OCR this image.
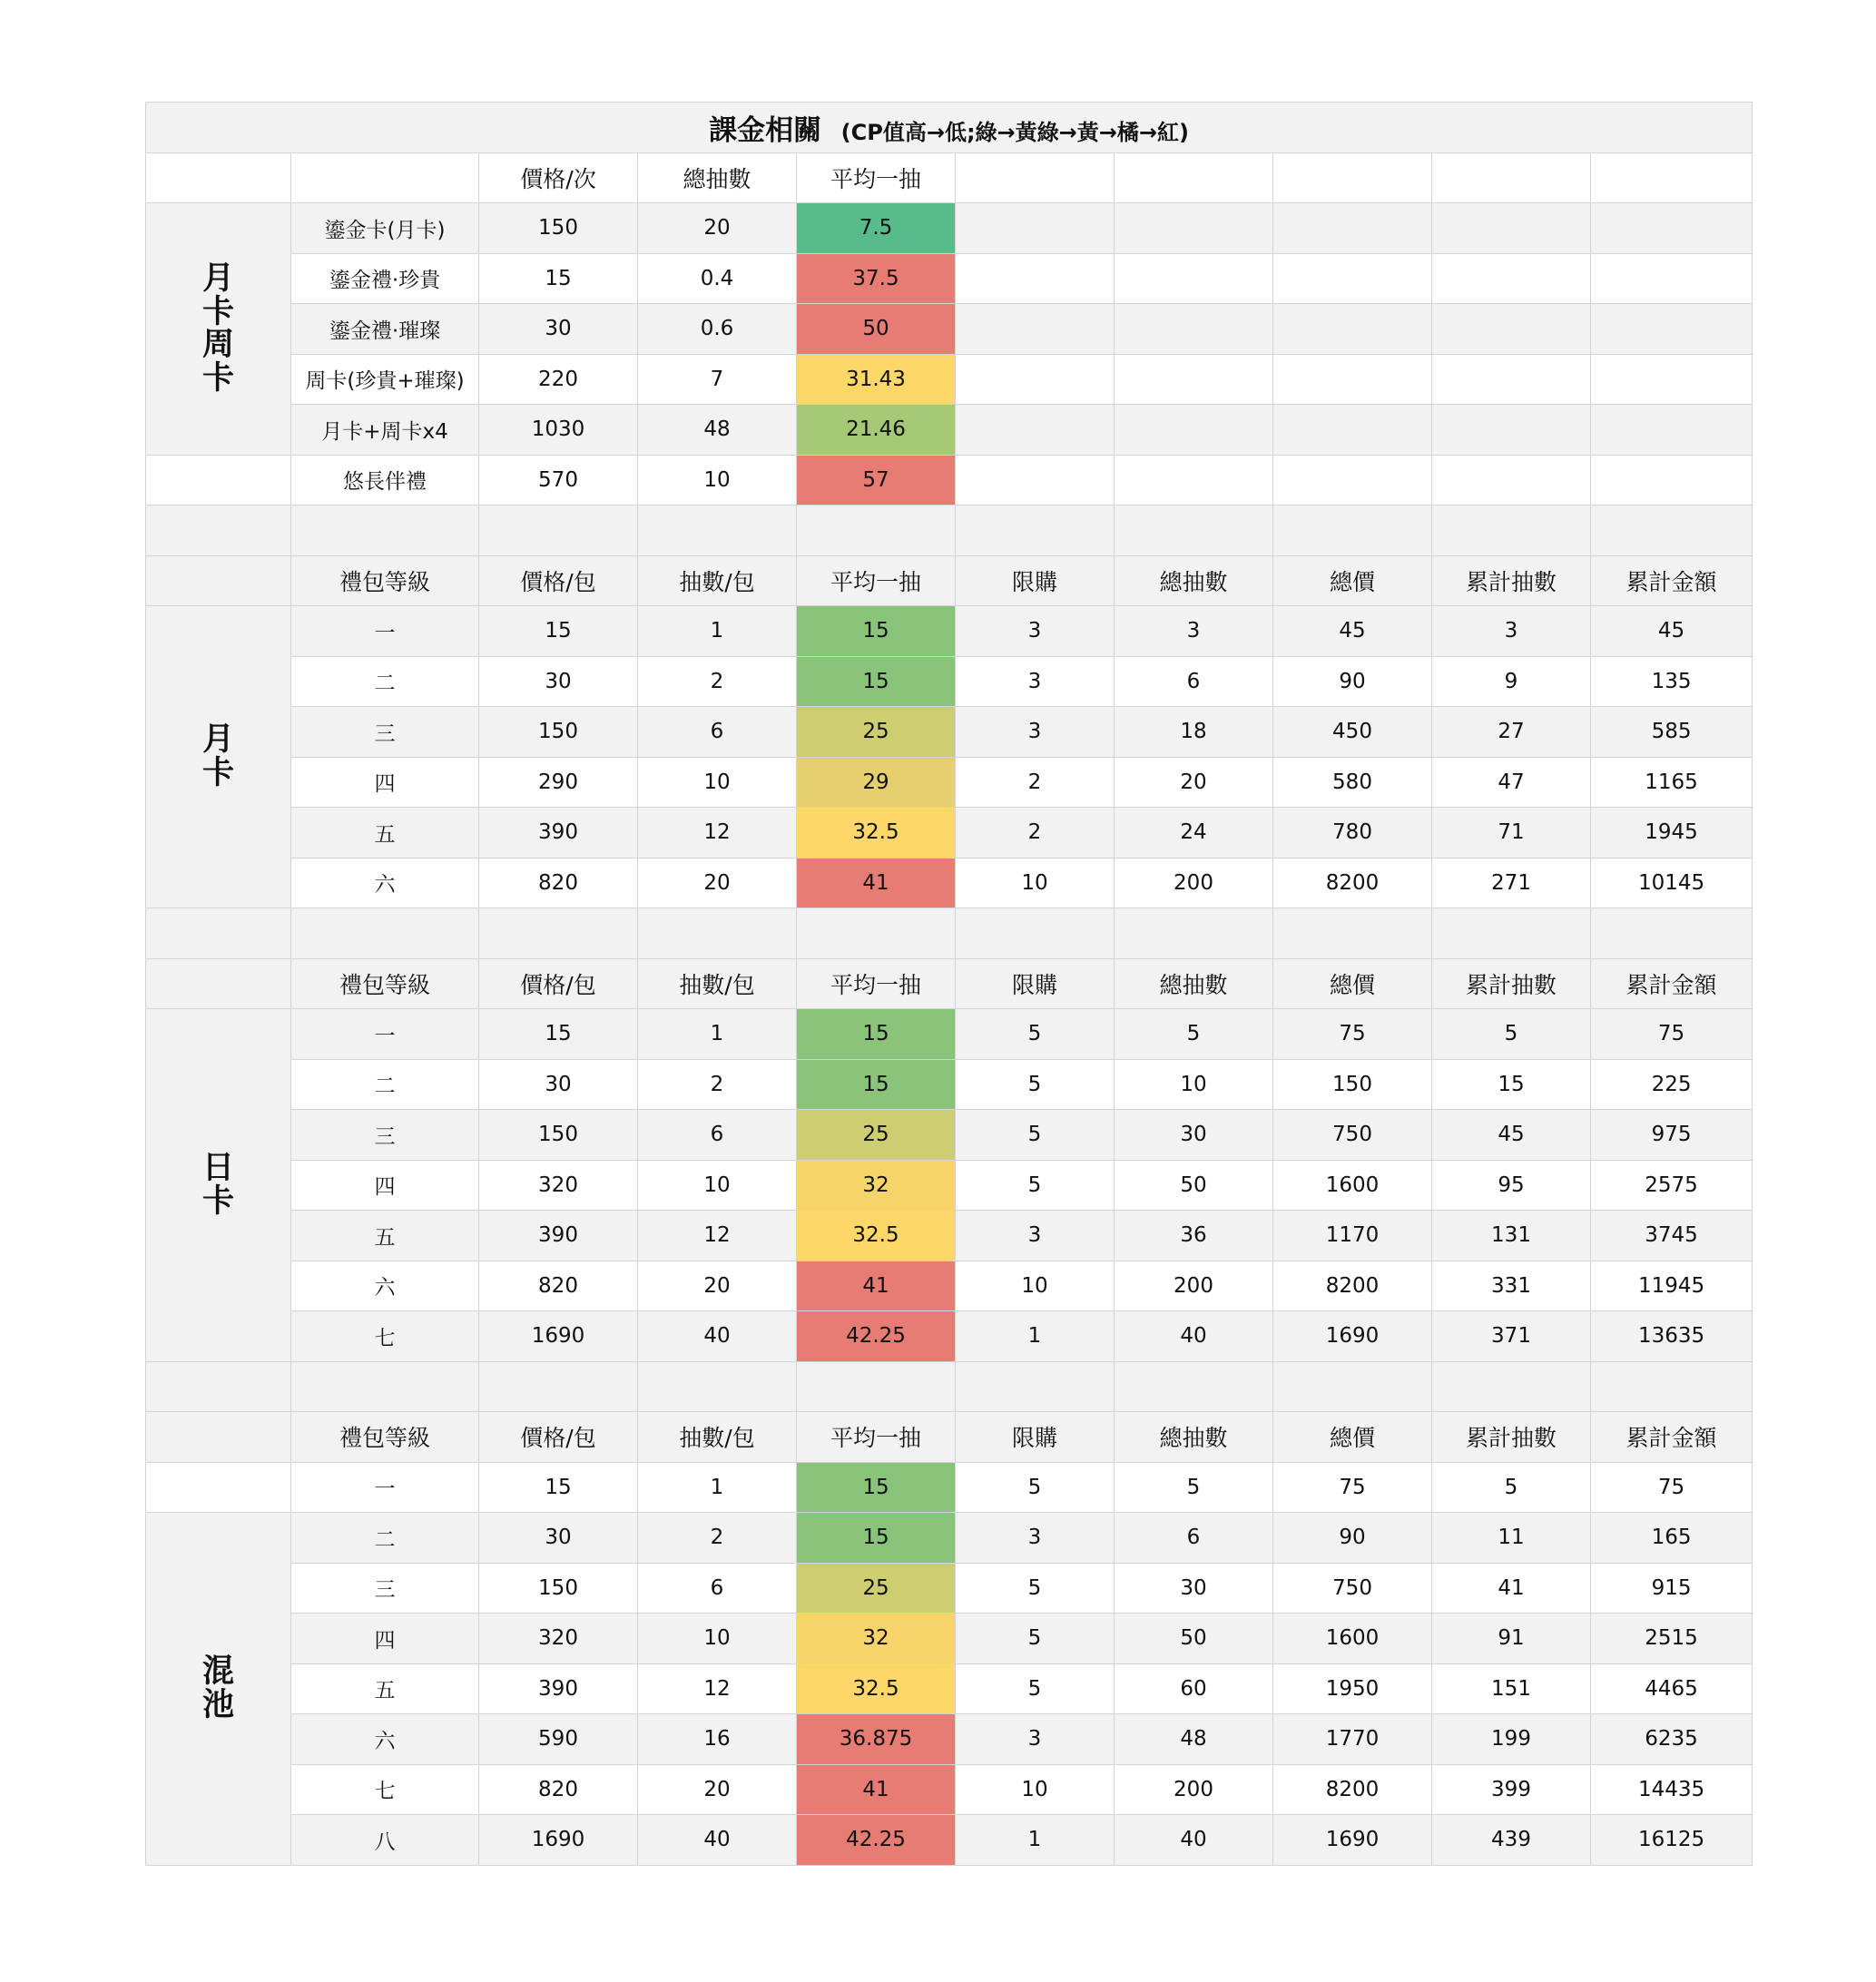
課金相關 (CP值高→低;綠→黃綠→黃→橘→紅)									
		價格/次	總抽數	平均一抽					
月卡周卡	鎏金卡(月卡)	150	20	7.5					
	鎏金禮·珍貴	15	0.4	37.5					
	鎏金禮·璀璨	30	0.6	50					
	周卡(珍貴+璀璨)	220	7	31.43					
	月卡+周卡x4	1030	48	21.46					
	悠長伴禮	570	10	57					

	禮包等級	價格/包	抽數/包	平均一抽	限購	總抽數	總價	累計抽數	累計金額
月卡	一	15	1	15	3	3	45	3	45
	二	30	2	15	3	6	90	9	135
	三	150	6	25	3	18	450	27	585
	四	290	10	29	2	20	580	47	1165
	五	390	12	32.5	2	24	780	71	1945
	六	820	20	41	10	200	8200	271	10145

	禮包等級	價格/包	抽數/包	平均一抽	限購	總抽數	總價	累計抽數	累計金額
日卡	一	15	1	15	5	5	75	5	75
	二	30	2	15	5	10	150	15	225
	三	150	6	25	5	30	750	45	975
	四	320	10	32	5	50	1600	95	2575
	五	390	12	32.5	3	36	1170	131	3745
	六	820	20	41	10	200	8200	331	11945
	七	1690	40	42.25	1	40	1690	371	13635

	禮包等級	價格/包	抽數/包	平均一抽	限購	總抽數	總價	累計抽數	累計金額
	一	15	1	15	5	5	75	5	75
混池	二	30	2	15	3	6	90	11	165
	三	150	6	25	5	30	750	41	915
	四	320	10	32	5	50	1600	91	2515
	五	390	12	32.5	5	60	1950	151	4465
	六	590	16	36.875	3	48	1770	199	6235
	七	820	20	41	10	200	8200	399	14435
	八	1690	40	42.25	1	40	1690	439	16125
